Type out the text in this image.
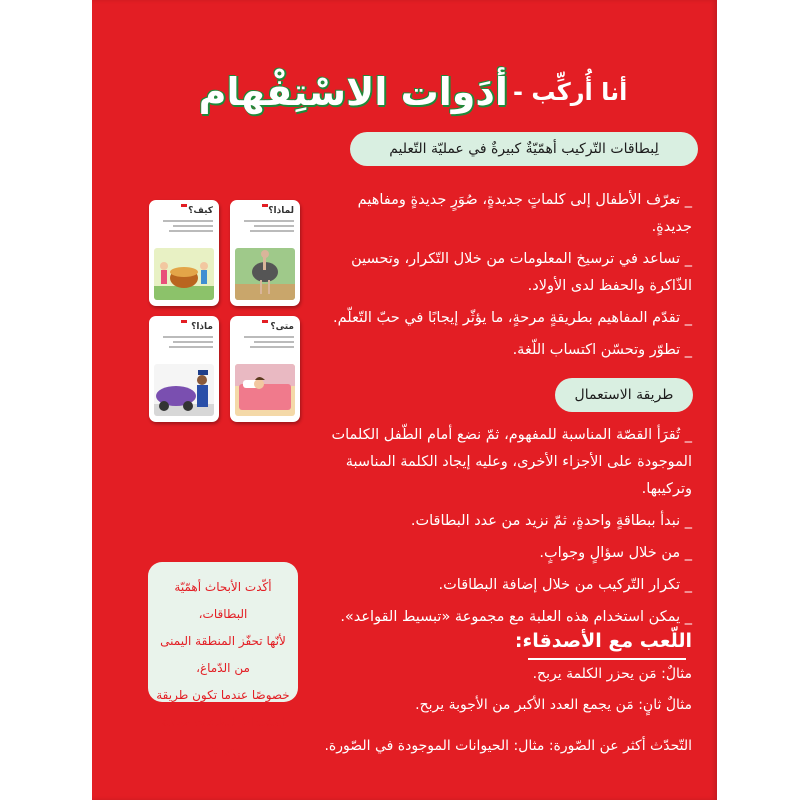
أنا أُركِّب - أدَوات الاسْتِفْهام
لِبطاقات التّركيب أهمّيّةٌ كبيرةٌ في عمليّة التّعليم
_ تعرّف الأطفال إلى كلماتٍ جديدةٍ، صُوَرٍ جديدةٍ ومفاهيم جديدةٍ.
_ تساعد في ترسيخ المعلومات من خلال التّكرار، وتحسين الذّاكرة والحفظ لدى الأولاد.
_ تقدّم المفاهيم بطريقةٍ مرحةٍ، ما يؤثّر إيجابًا في حبّ التّعلّم.
_ تطوّر وتحسّن اكتساب اللّغة.
لماذا؟
كيف؟
متى؟
ماذا؟
طريقة الاستعمال
_ تُقرَأ القصّة المناسبة للمفهوم، ثمّ نضع أمام الطّفل الكلمات الموجودة على الأجزاء الأخرى، وعليه إيجاد الكلمة المناسبة وتركيبها.
_ نبدأ ببطاقةٍ واحدةٍ، ثمّ نزيد من عدد البطاقات.
_ من خلال سؤالٍ وجوابٍ.
_ تكرار التّركيب من خلال إضافة البطاقات.
_ يمكن استخدام هذه العلبة مع مجموعة «تبسيط القواعد».
أكّدت الأبحاث أهمّيّة البطاقات،
لأنّها تحفّز المنطقة اليمنى من الدّماغ،
خصوصًا عندما تكون طريقة
استخدام البطاقات ممتعة ومرحة.
اللّعب مع الأصدقاء:
مثالٌ: مَن يحزر الكلمة يربح.
مثالٌ ثانٍ: مَن يجمع العدد الأكبر من الأجوبة يربح.
التّحدّث أكثر عن الصّورة: مثال: الحيوانات الموجودة في الصّورة.
